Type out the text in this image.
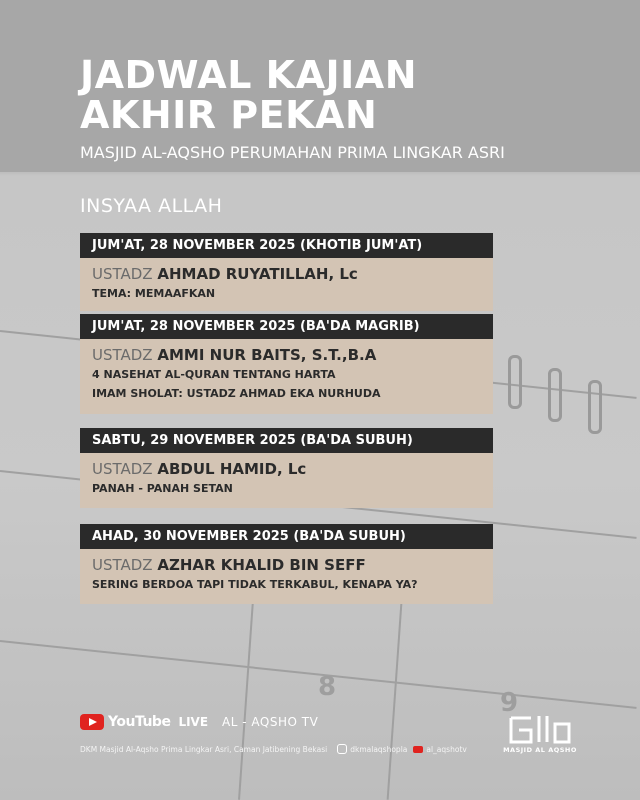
8
9
JADWAL KAJIAN
AKHIR PEKAN
MASJID AL-AQSHO PERUMAHAN PRIMA LINGKAR ASRI
INSYAA ALLAH
JUM'AT, 28 NOVEMBER 2025 (KHOTIB JUM'AT)
USTADZ AHMAD RUYATILLAH, Lc
TEMA: MEMAAFKAN
JUM'AT, 28 NOVEMBER 2025 (BA'DA MAGRIB)
USTADZ AMMI NUR BAITS, S.T.,B.A
4 NASEHAT AL-QURAN TENTANG HARTA
IMAM SHOLAT: USTADZ AHMAD EKA NURHUDA
SABTU, 29 NOVEMBER 2025 (BA'DA SUBUH)
USTADZ ABDUL HAMID, Lc
PANAH - PANAH SETAN
AHAD, 30 NOVEMBER 2025 (BA'DA SUBUH)
USTADZ AZHAR KHALID BIN SEFF
SERING BERDOA TAPI TIDAK TERKABUL, KENAPA YA?
YouTube LIVE AL - AQSHO TV
DKM Masjid Al-Aqsho Prima Lingkar Asri, Caman Jatibening Bekasi	dkmalaqshopla	al_aqshotv	MASJID AL AQSHO
